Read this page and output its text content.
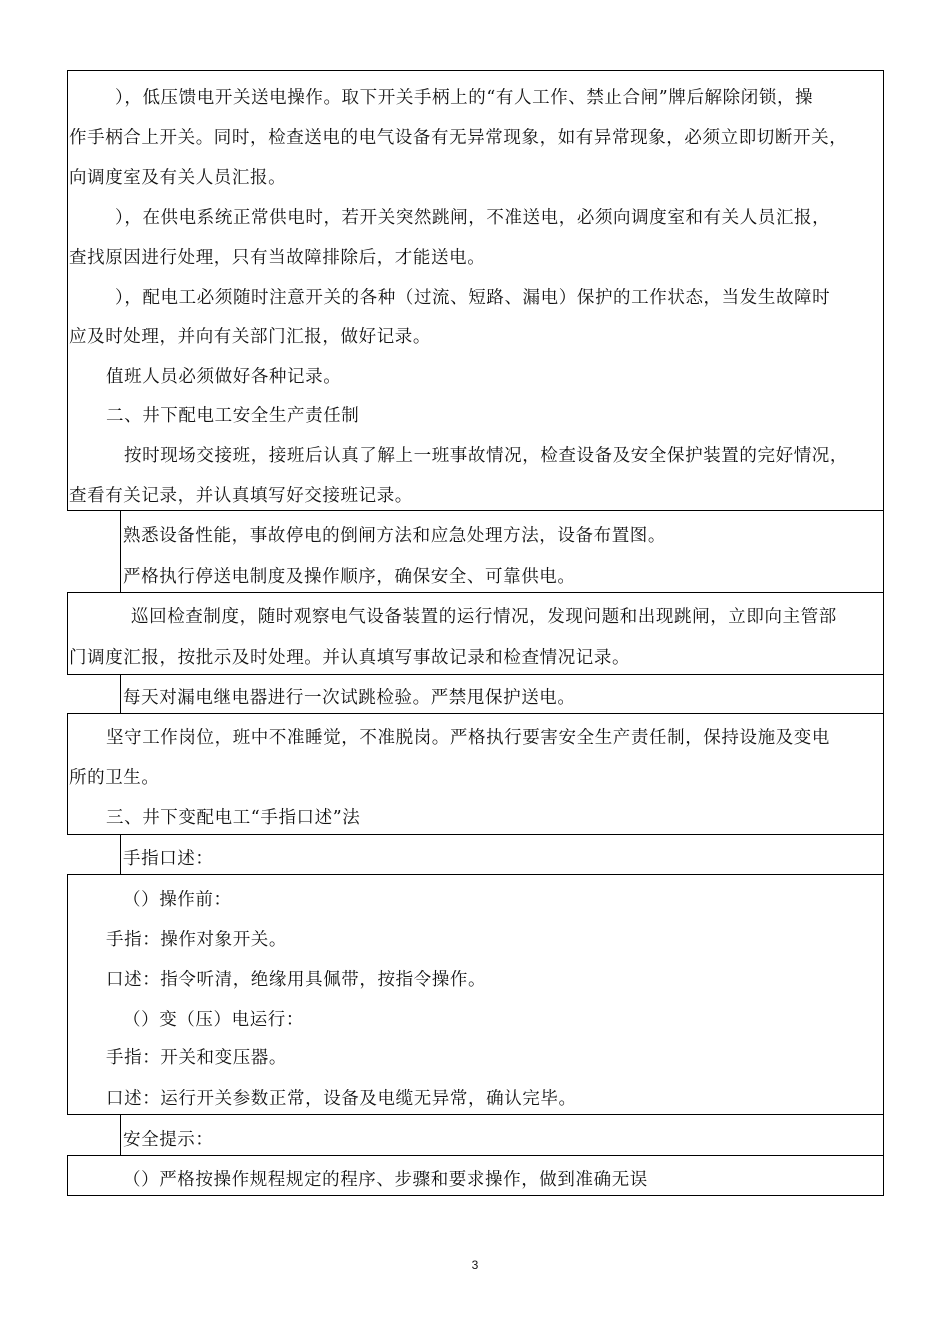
），低压馈电开关送电操作。取下开关手柄上的“有人工作、禁止合闸”牌后解除闭锁，操
作手柄合上开关。同时，检查送电的电气设备有无异常现象，如有异常现象，必须立即切断开关，
向调度室及有关人员汇报。
），在供电系统正常供电时，若开关突然跳闸，不准送电，必须向调度室和有关人员汇报，
查找原因进行处理，只有当故障排除后，才能送电。
），配电工必须随时注意开关的各种（过流、短路、漏电）保护的工作状态，当发生故障时
应及时处理，并向有关部门汇报，做好记录。
值班人员必须做好各种记录。
二、井下配电工安全生产责任制
按时现场交接班，接班后认真了解上一班事故情况，检查设备及安全保护装置的完好情况，
查看有关记录，并认真填写好交接班记录。
熟悉设备性能，事故停电的倒闸方法和应急处理方法，设备布置图。
严格执行停送电制度及操作顺序，确保安全、可靠供电。
巡回检查制度，随时观察电气设备装置的运行情况，发现问题和出现跳闸，立即向主管部
门调度汇报，按批示及时处理。并认真填写事故记录和检查情况记录。
每天对漏电继电器进行一次试跳检验。严禁甩保护送电。
坚守工作岗位，班中不准睡觉，不准脱岗。严格执行要害安全生产责任制，保持设施及变电
所的卫生。
三、井下变配电工“手指口述”法
手指口述：
（）操作前：
手指：操作对象开关。
口述：指令听清，绝缘用具佩带，按指令操作。
（）变（压）电运行：
手指：开关和变压器。
口述：运行开关参数正常，设备及电缆无异常，确认完毕。
安全提示：
（）严格按操作规程规定的程序、步骤和要求操作，做到准确无误
3
